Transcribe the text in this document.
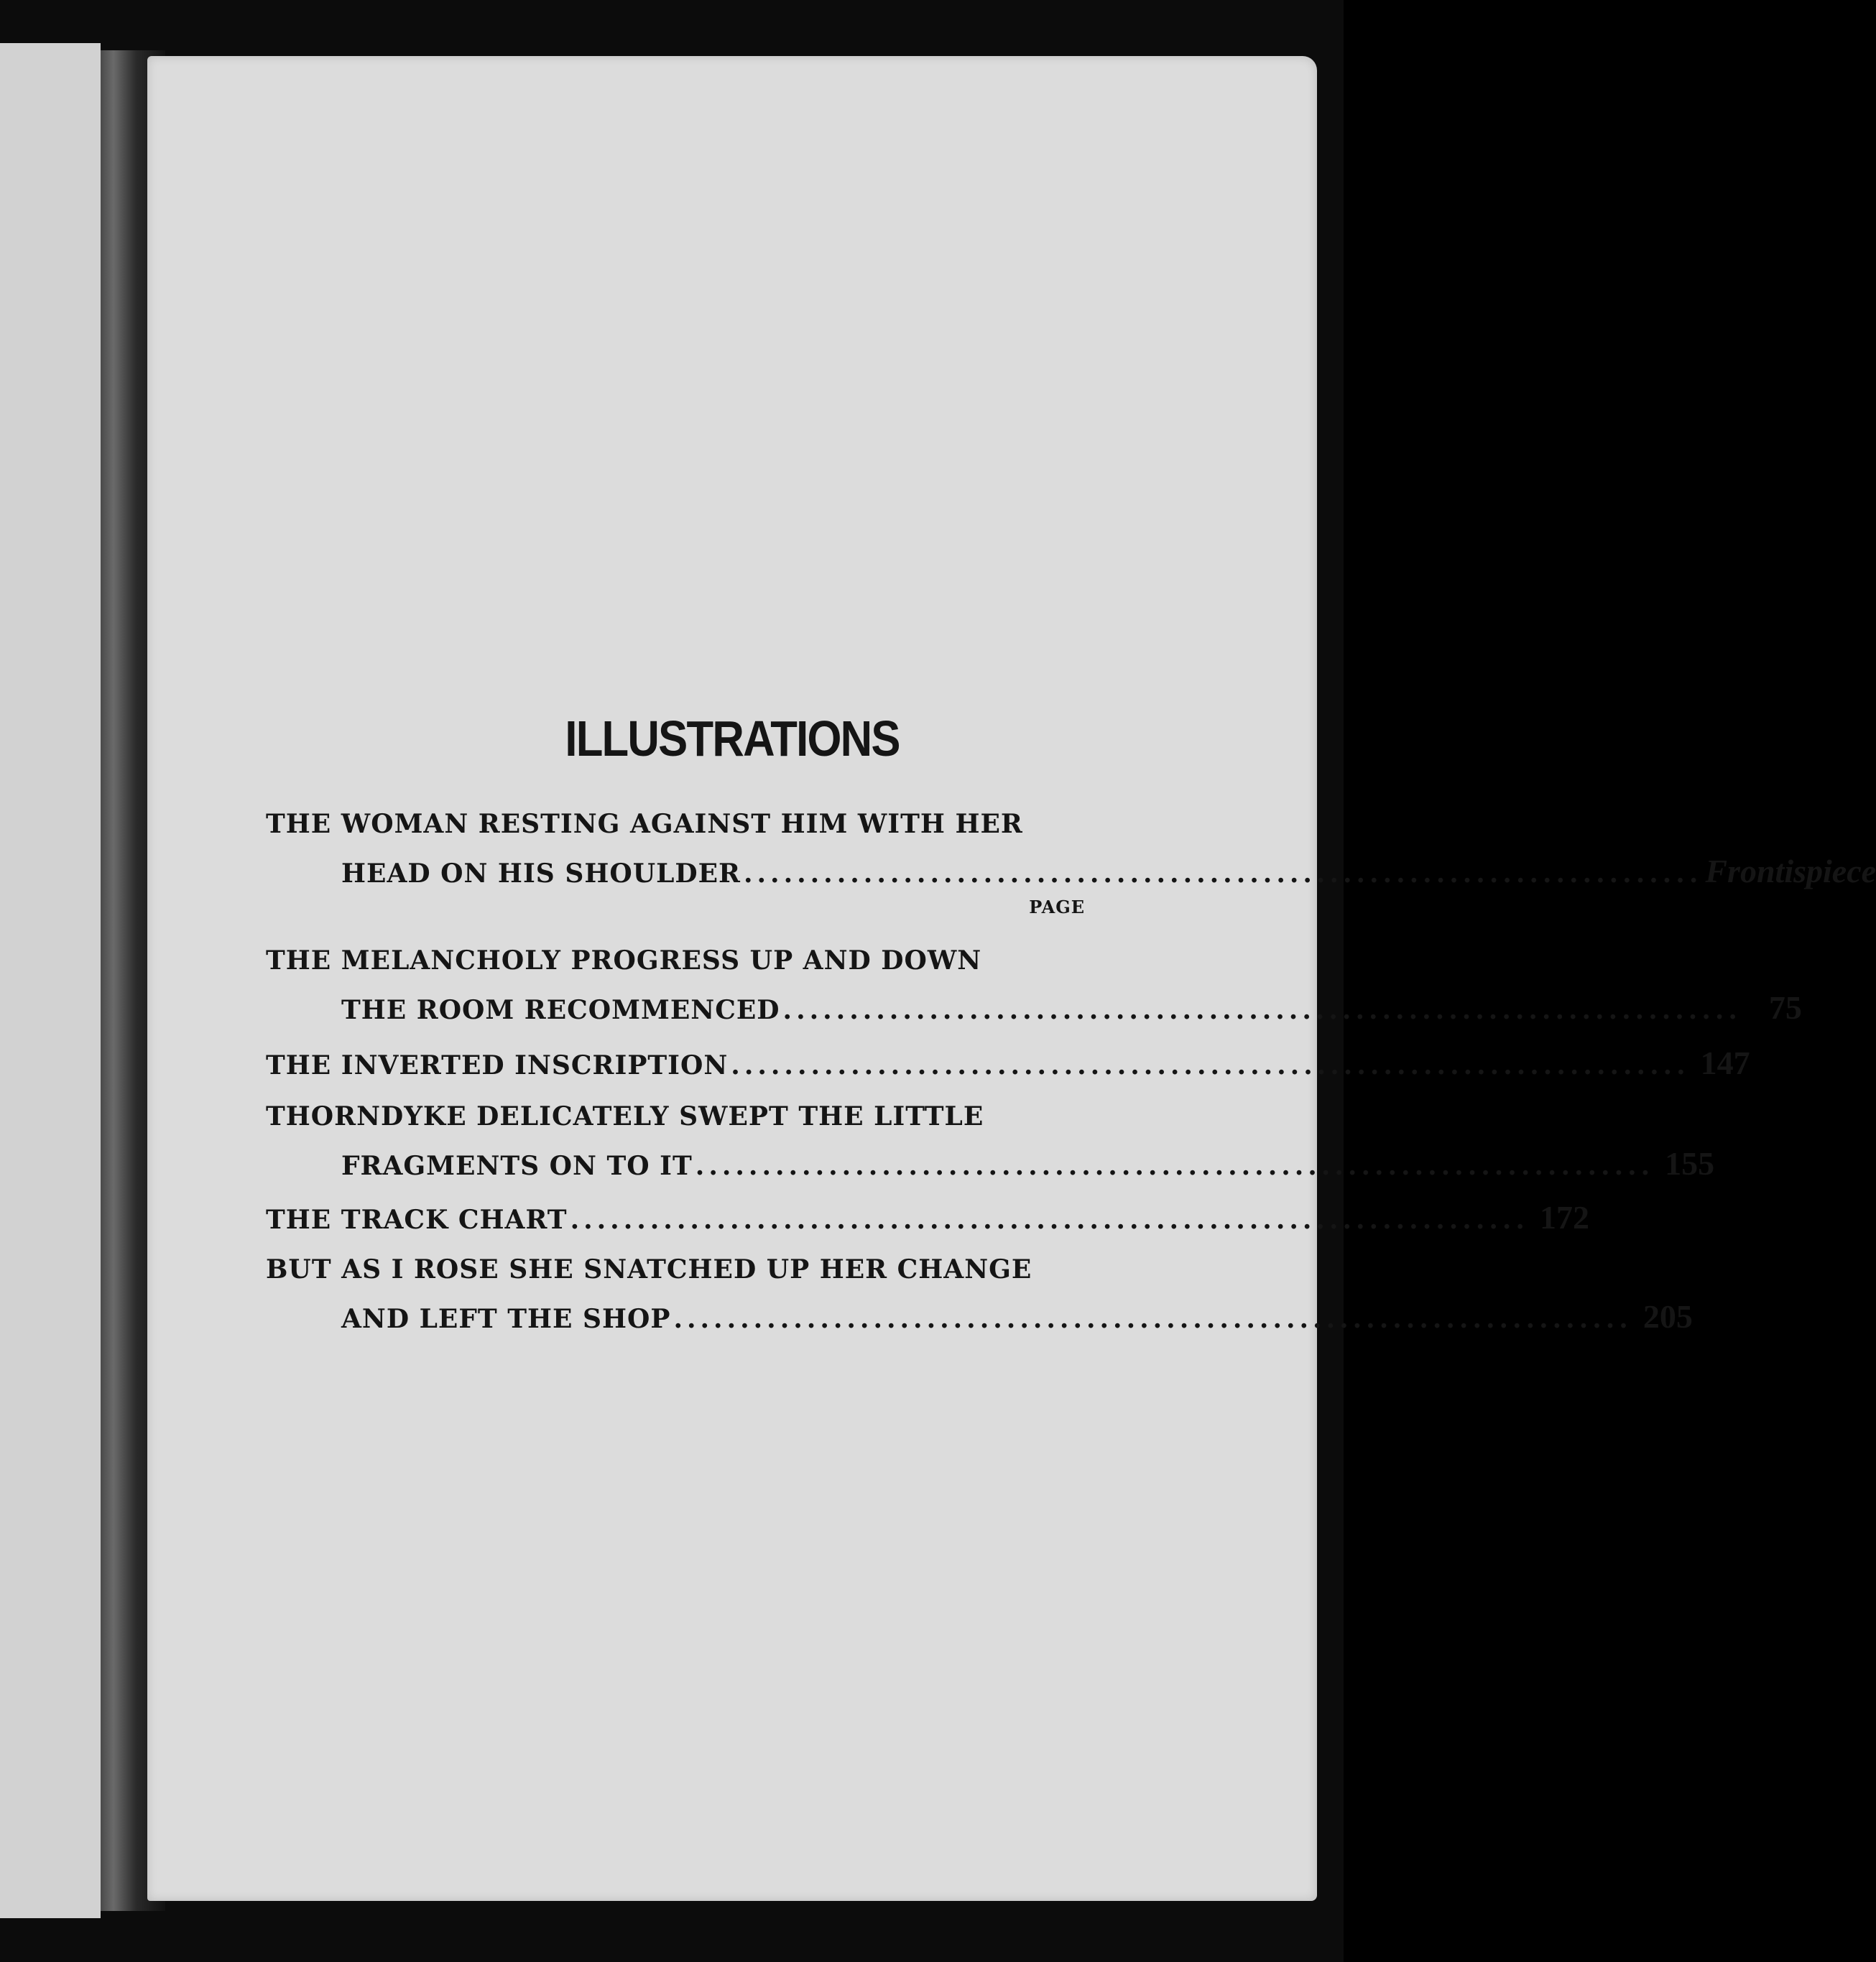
ILLUSTRATIONS
THE WOMAN RESTING AGAINST HIM WITH HER
HEAD ON HIS SHOULDER ........................................................................ Frontispiece
PAGE
THE MELANCHOLY PROGRESS UP AND DOWN
THE ROOM RECOMMENCED ........................................................................ 75
THE INVERTED INSCRIPTION ........................................................................ 147
THORNDYKE DELICATELY SWEPT THE LITTLE
FRAGMENTS ON TO IT ........................................................................ 155
THE TRACK CHART ........................................................................ 172
BUT AS I ROSE SHE SNATCHED UP HER CHANGE
AND LEFT THE SHOP ........................................................................ 205
